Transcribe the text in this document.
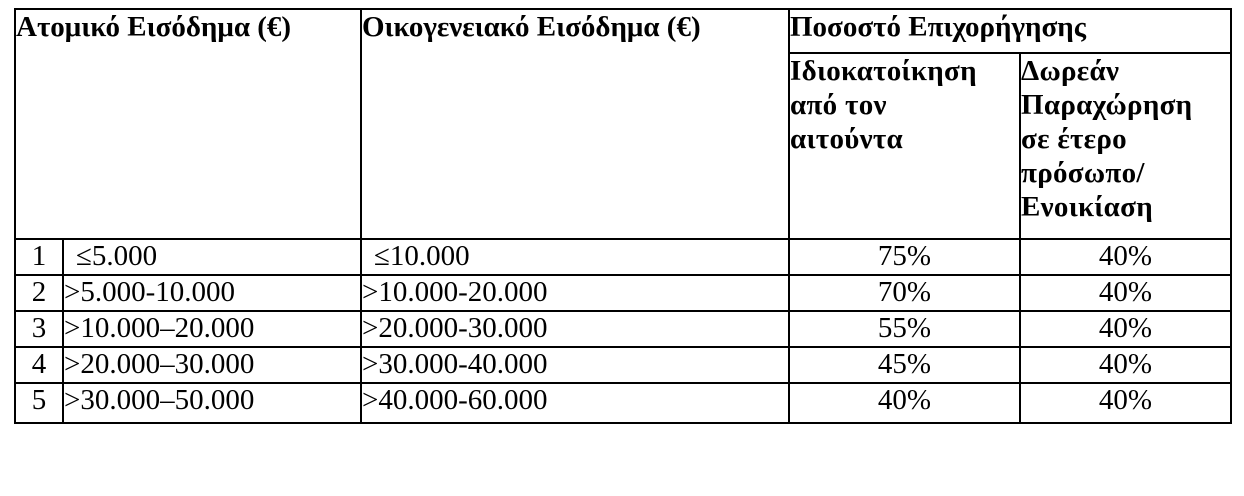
Ατομικό Εισόδημα (€)		Οικογενειακό Εισόδημα (€)	Ποσοστό Επιχορήγησης	

			Ιδιοκατοίκηση
από τον
αιτούντα	Δωρεάν
Παραχώρηση
σε έτερο
πρόσωπο/
Ενοικίαση

1	≤5.000	≤10.000	75%	40%
2	>5.000-10.000	>10.000-20.000	70%	40%
3	>10.000–20.000	>20.000-30.000	55%	40%
4	>20.000–30.000	>30.000-40.000	45%	40%
5	>30.000–50.000	>40.000-60.000	40%	40%
